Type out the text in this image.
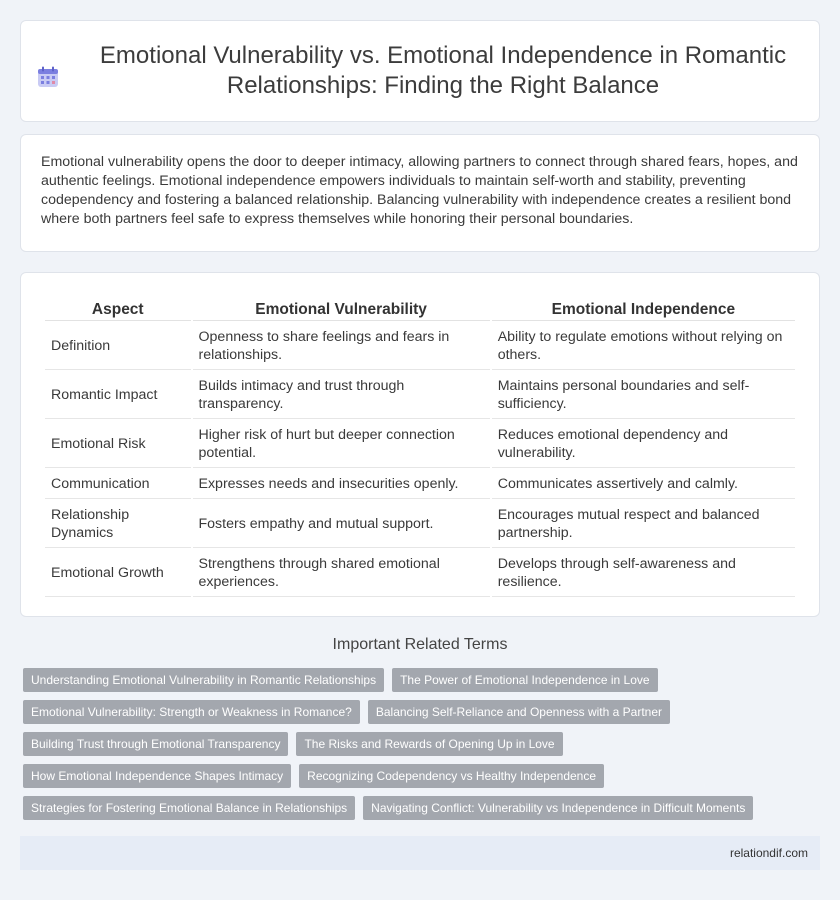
Emotional Vulnerability vs. Emotional Independence in Romantic Relationships: Finding the Right Balance

Emotional vulnerability opens the door to deeper intimacy, allowing partners to connect through shared fears, hopes, and authentic feelings. Emotional independence empowers individuals to maintain self-worth and stability, preventing codependency and fostering a balanced relationship. Balancing vulnerability with independence creates a resilient bond where both partners feel safe to express themselves while honoring their personal boundaries.

Aspect	Emotional Vulnerability	Emotional Independence
Definition	Openness to share feelings and fears in relationships.	Ability to regulate emotions without relying on others.
Romantic Impact	Builds intimacy and trust through transparency.	Maintains personal boundaries and self-sufficiency.
Emotional Risk	Higher risk of hurt but deeper connection potential.	Reduces emotional dependency and vulnerability.
Communication	Expresses needs and insecurities openly.	Communicates assertively and calmly.
Relationship Dynamics	Fosters empathy and mutual support.	Encourages mutual respect and balanced partnership.
Emotional Growth	Strengthens through shared emotional experiences.	Develops through self-awareness and resilience.
Important Related Terms
Understanding Emotional Vulnerability in Romantic Relationships	The Power of Emotional Independence in Love
Emotional Vulnerability: Strength or Weakness in Romance?	Balancing Self-Reliance and Openness with a Partner
Building Trust through Emotional Transparency	The Risks and Rewards of Opening Up in Love
How Emotional Independence Shapes Intimacy	Recognizing Codependency vs Healthy Independence
Strategies for Fostering Emotional Balance in Relationships	Navigating Conflict: Vulnerability vs Independence in Difficult Moments
relationdif.com
